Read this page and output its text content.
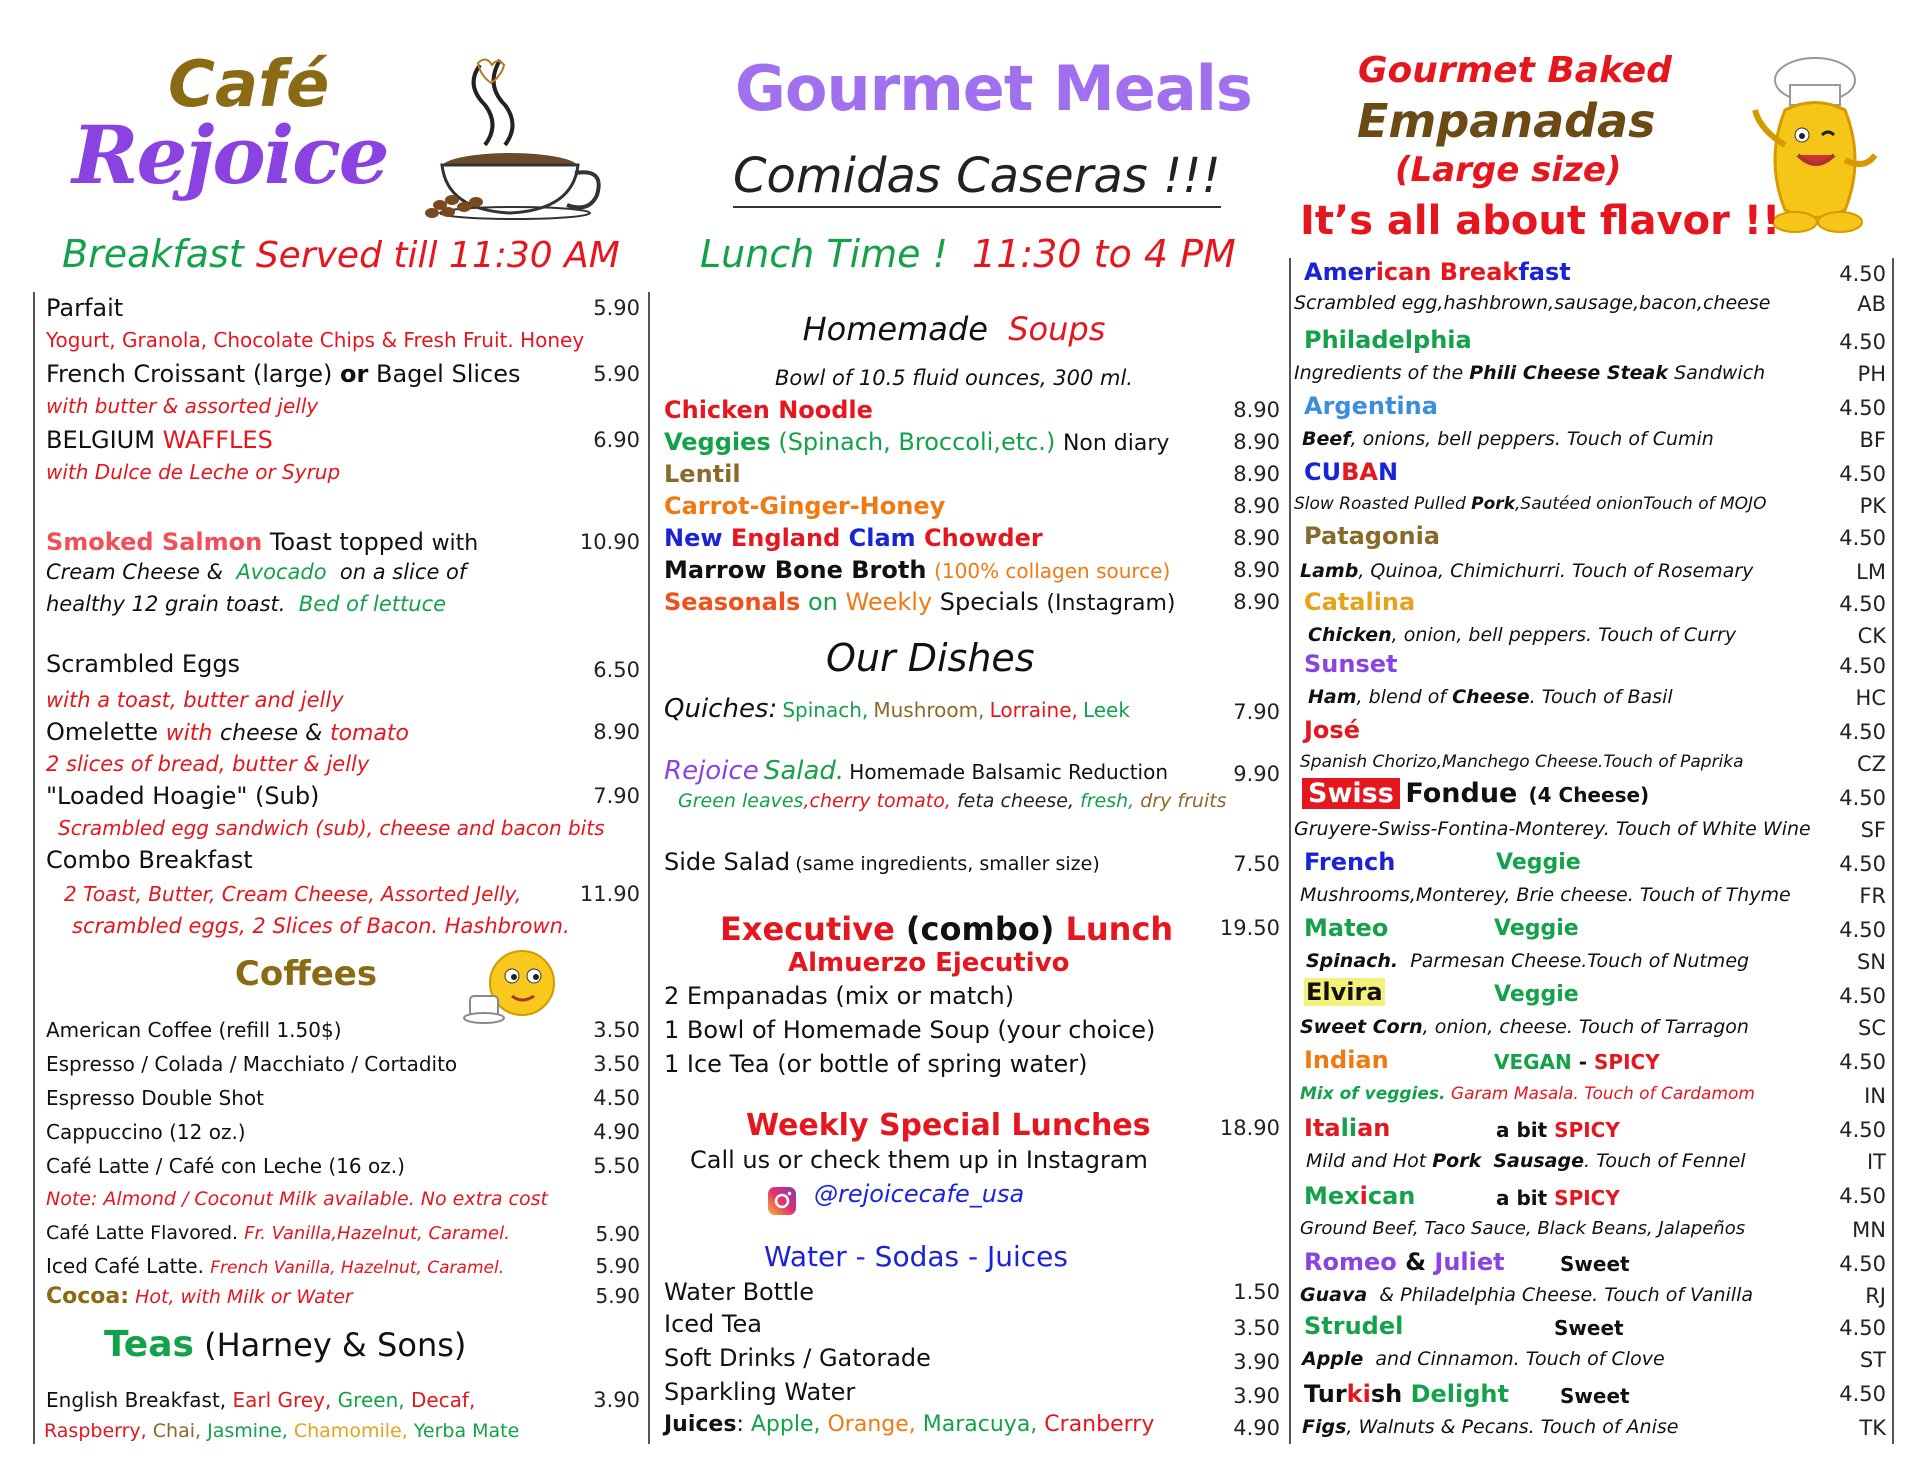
Café
Rejoice
Breakfast Served till 11:30 AM
Parfait	5.90
Yogurt, Granola, Chocolate Chips & Fresh Fruit. Honey
French Croissant (large) or Bagel Slices	5.90
with butter & assorted jelly
BELGIUM WAFFLES	6.90
with Dulce de Leche or Syrup
Smoked Salmon Toast topped with	10.90
Cream Cheese & Avocado on a slice of
healthy 12 grain toast. Bed of lettuce
Scrambled Eggs	6.50
with a toast, butter and jelly
Omelette with cheese & tomato	8.90
2 slices of bread, butter & jelly
"Loaded Hoagie" (Sub)	7.90
Scrambled egg sandwich (sub), cheese and bacon bits
Combo Breakfast
2 Toast, Butter, Cream Cheese, Assorted Jelly,	11.90
scrambled eggs, 2 Slices of Bacon. Hashbrown.
Coffees
American Coffee (refill 1.50$)	3.50
Espresso / Colada / Macchiato / Cortadito	3.50
Espresso Double Shot	4.50
Cappuccino (12 oz.)	4.90
Café Latte / Café con Leche (16 oz.)	5.50
Note: Almond / Coconut Milk available. No extra cost
Café Latte Flavored. Fr. Vanilla,Hazelnut, Caramel.	5.90
Iced Café Latte. French Vanilla, Hazelnut, Caramel.	5.90
Cocoa: Hot, with Milk or Water	5.90
Teas (Harney & Sons)
English Breakfast, Earl Grey, Green, Decaf,	3.90
Raspberry, Chai, Jasmine, Chamomile, Yerba Mate
Gourmet Meals
Comidas Caseras !!!
Lunch Time ! 11:30 to 4 PM
Homemade Soups
Bowl of 10.5 fluid ounces, 300 ml.
Chicken Noodle	8.90
Veggies (Spinach, Broccoli,etc.) Non diary	8.90
Lentil	8.90
Carrot-Ginger-Honey	8.90
New England Clam Chowder	8.90
Marrow Bone Broth (100% collagen source)	8.90
Seasonals on Weekly Specials (Instagram)	8.90
Our Dishes
Quiches: Spinach, Mushroom, Lorraine, Leek	7.90
Rejoice Salad. Homemade Balsamic Reduction	9.90
Green leaves,cherry tomato, feta cheese, fresh, dry fruits
Side Salad (same ingredients, smaller size)	7.50
Executive (combo) Lunch	19.50
Almuerzo Ejecutivo
2 Empanadas (mix or match)
1 Bowl of Homemade Soup (your choice)
1 Ice Tea (or bottle of spring water)
Weekly Special Lunches	18.90
Call us or check them up in Instagram
@rejoicecafe_usa
Water - Sodas - Juices
Water Bottle	1.50
Iced Tea	3.50
Soft Drinks / Gatorade	3.90
Sparkling Water	3.90
Juices: Apple, Orange, Maracuya, Cranberry	4.90
Gourmet Baked
Empanadas
(Large size)
It’s all about flavor !!
American Breakfast	4.50
Scrambled egg,hashbrown,sausage,bacon,cheese	AB
Philadelphia	4.50
Ingredients of the Phili Cheese Steak Sandwich	PH
Argentina	4.50
Beef, onions, bell peppers. Touch of Cumin	BF
CUBAN	4.50
Slow Roasted Pulled Pork,Sautéed onionTouch of MOJO	PK
Patagonia	4.50
Lamb, Quinoa, Chimichurri. Touch of Rosemary	LM
Catalina	4.50
Chicken, onion, bell peppers. Touch of Curry	CK
Sunset	4.50
Ham, blend of Cheese. Touch of Basil	HC
José	4.50
Spanish Chorizo,Manchego Cheese.Touch of Paprika	CZ
Swiss Fondue (4 Cheese)	4.50
Gruyere-Swiss-Fontina-Monterey. Touch of White Wine	SF
French	Veggie	4.50
Mushrooms,Monterey, Brie cheese. Touch of Thyme	FR
Mateo	Veggie	4.50
Spinach. Parmesan Cheese.Touch of Nutmeg	SN
Elvira	Veggie	4.50
Sweet Corn, onion, cheese. Touch of Tarragon	SC
Indian	VEGAN - SPICY	4.50
Mix of veggies. Garam Masala. Touch of Cardamom	IN
Italian	a bit SPICY	4.50
Mild and Hot Pork Sausage. Touch of Fennel	IT
Mexican	a bit SPICY	4.50
Ground Beef, Taco Sauce, Black Beans, Jalapeños	MN
Romeo & Juliet	Sweet	4.50
Guava & Philadelphia Cheese. Touch of Vanilla	RJ
Strudel	Sweet	4.50
Apple and Cinnamon. Touch of Clove	ST
Turkish Delight	Sweet	4.50
Figs, Walnuts & Pecans. Touch of Anise	TK
